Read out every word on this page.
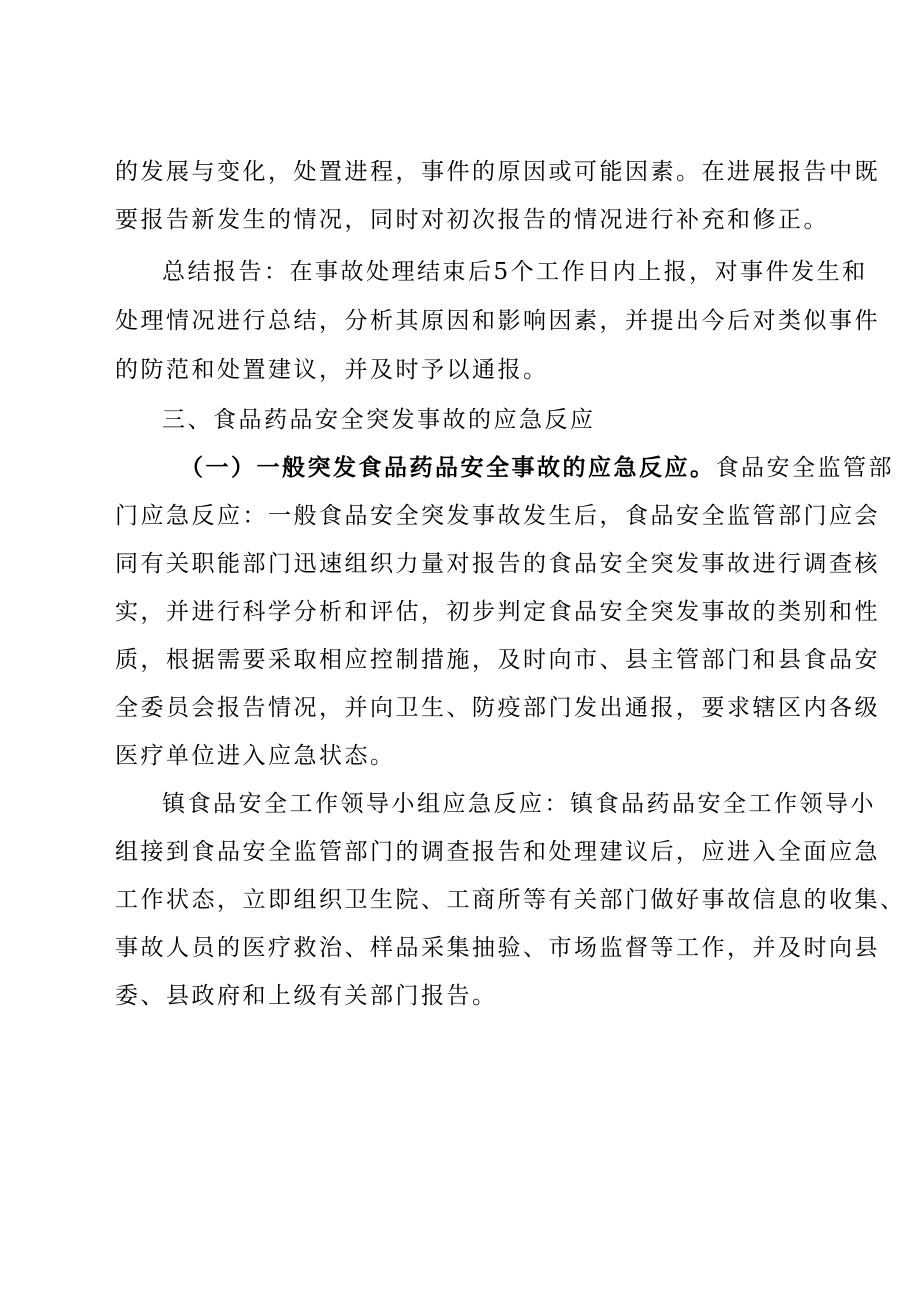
的发展与变化，处置进程，事件的原因或可能因素。在进展报告中既
要报告新发生的情况，同时对初次报告的情况进行补充和修正。
总结报告：在事故处理结束后5个工作日内上报，对事件发生和
处理情况进行总结，分析其原因和影响因素，并提出今后对类似事件
的防范和处置建议，并及时予以通报。
三、食品药品安全突发事故的应急反应
（一）一般突发食品药品安全事故的应急反应。食品安全监管部
门应急反应：一般食品安全突发事故发生后，食品安全监管部门应会
同有关职能部门迅速组织力量对报告的食品安全突发事故进行调查核
实，并进行科学分析和评估，初步判定食品安全突发事故的类别和性
质，根据需要采取相应控制措施，及时向市、县主管部门和县食品安
全委员会报告情况，并向卫生、防疫部门发出通报，要求辖区内各级
医疗单位进入应急状态。
镇食品安全工作领导小组应急反应：镇食品药品安全工作领导小
组接到食品安全监管部门的调查报告和处理建议后，应进入全面应急
工作状态，立即组织卫生院、工商所等有关部门做好事故信息的收集、
事故人员的医疗救治、样品采集抽验、市场监督等工作，并及时向县
委、县政府和上级有关部门报告。
